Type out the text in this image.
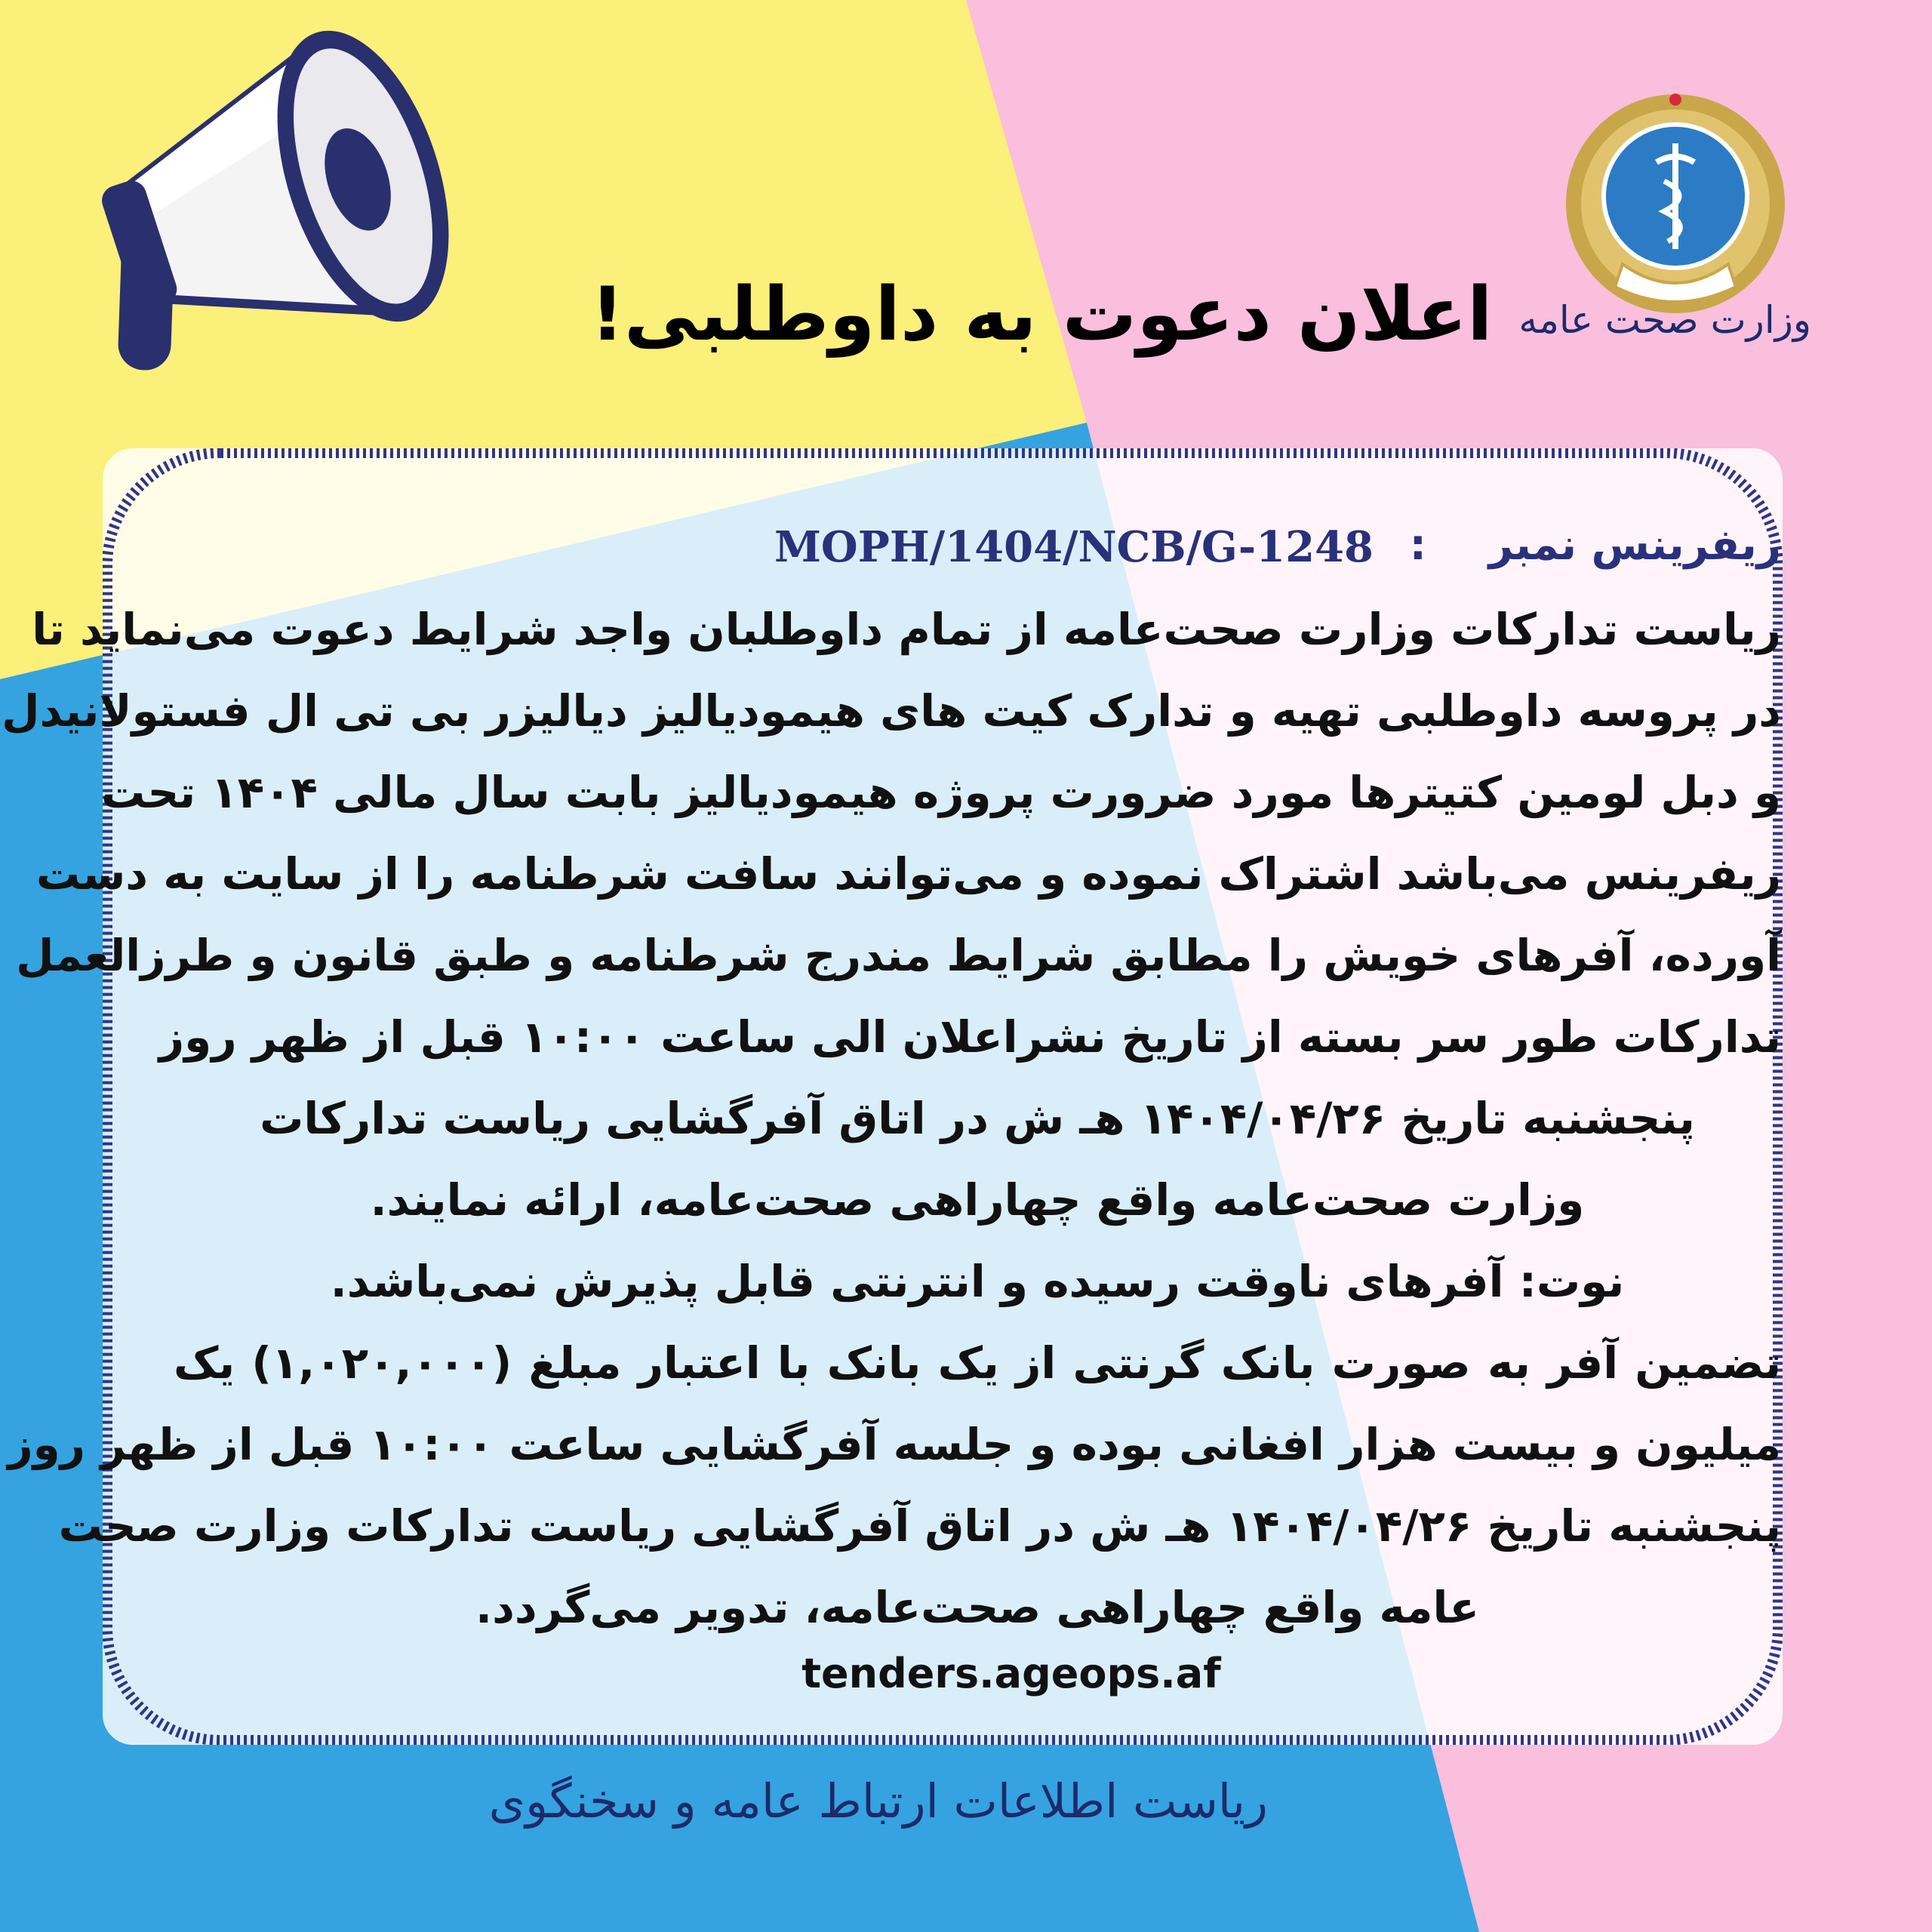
وزارت صحت عامه
اعلان دعوت به داوطلبی!
ریفرینس نمبر
:
MOPH/1404/NCB/G-1248
ریاست تدارکات وزارت صحت‌عامه از تمام داوطلبان واجد شرایط دعوت می‌نماید تا
در پروسه داوطلبی تهیه و تدارک کیت های هیمودیالیز دیالیزر بی تی ال فستولانیدل
و دبل لومین کتیترها مورد ضرورت پروژه هیمودیالیز بابت سال مالی ۱۴۰۴ تحت
ریفرینس می‌باشد اشتراک نموده و می‌توانند سافت شرطنامه را از سایت به دست
آورده، آفرهای خویش را مطابق شرایط مندرج شرطنامه و طبق قانون و طرزالعمل
تدارکات طور سر بسته از تاریخ نشراعلان الی ساعت ۱۰:۰۰ قبل از ظهر روز
پنجشنبه تاریخ ۱۴۰۴/۰۴/۲۶ هـ ش در اتاق آفرگشایی ریاست تدارکات
وزارت صحت‌عامه واقع چهاراهی صحت‌عامه، ارائه نمایند.
نوت: آفرهای ناوقت رسیده و انترنتی قابل پذیرش نمی‌باشد.
تضمین آفر به صورت بانک گرنتی از یک بانک با اعتبار مبلغ (۱,۰۲۰,۰۰۰) یک
میلیون و بیست هزار افغانی بوده و جلسه آفرگشایی ساعت ۱۰:۰۰ قبل از ظهر روز
پنجشنبه تاریخ ۱۴۰۴/۰۴/۲۶ هـ ش در اتاق آفرگشایی ریاست تدارکات وزارت صحت
عامه واقع چهاراهی صحت‌عامه، تدویر می‌گردد.
tenders.ageops.af
ریاست اطلاعات ارتباط عامه و سخنگوی
